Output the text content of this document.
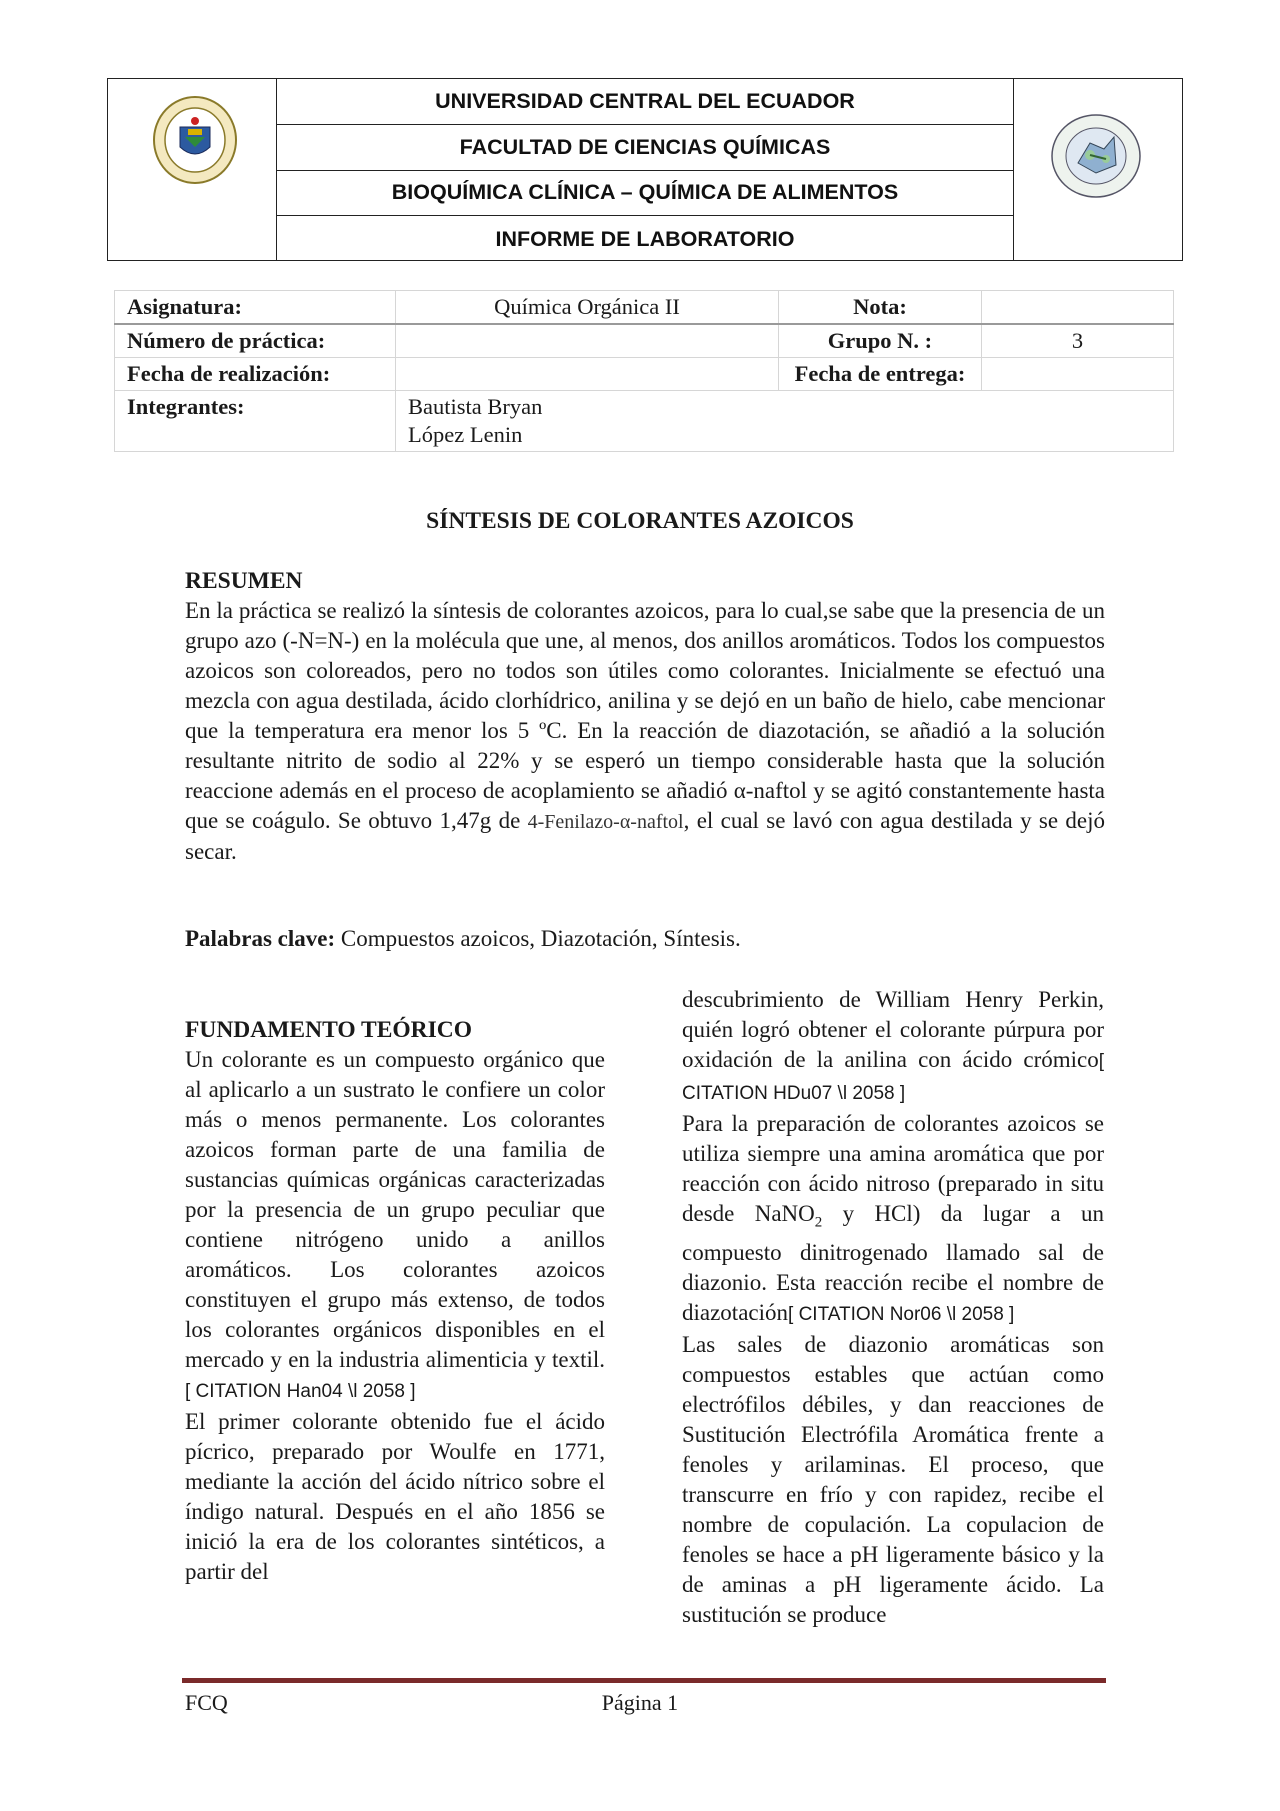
UNIVERSIDAD CENTRAL DEL ECUADOR
FACULTAD DE CIENCIAS QUÍMICAS
BIOQUÍMICA CLÍNICA – QUÍMICA DE ALIMENTOS
INFORME DE LABORATORIO
Asignatura:	Química Orgánica II	Nota:	
Número de práctica:		Grupo N. :	3
Fecha de realización:		Fecha de entrega:	
Integrantes:	Bautista Bryan
López Lenin		
SÍNTESIS DE COLORANTES AZOICOS
RESUMEN

En la práctica se realizó la síntesis de colorantes azoicos, para lo cual,se sabe que la presencia de un grupo azo (-N=N-) en la molécula que une, al menos, dos anillos aromáticos. Todos los compuestos azoicos son coloreados, pero no todos son útiles como colorantes. Inicialmente se efectuó una mezcla con agua destilada, ácido clorhídrico, anilina y se dejó en un baño de hielo, cabe mencionar que la temperatura era menor los 5 ºC. En la reacción de diazotación, se añadió a la solución resultante nitrito de sodio al 22% y se esperó un tiempo considerable hasta que la solución reaccione además en el proceso de acoplamiento se añadió α-naftol y se agitó constantemente hasta que se coágulo. Se obtuvo 1,47g de 4-Fenilazo-α-naftol, el cual se lavó con agua destilada y se dejó secar.

Palabras clave: Compuestos azoicos, Diazotación, Síntesis.
FUNDAMENTO TEÓRICO

Un colorante es un compuesto orgánico que al aplicarlo a un sustrato le confiere un color más o menos permanente. Los colorantes azoicos forman parte de una familia de sustancias químicas orgánicas caracterizadas por la presencia de un grupo peculiar que contiene nitrógeno unido a anillos aromáticos. Los colorantes azoicos constituyen el grupo más extenso, de todos los colorantes orgánicos disponibles en el mercado y en la industria alimenticia y textil.[ CITATION Han04 \l 2058 ]

El primer colorante obtenido fue el ácido pícrico, preparado por Woulfe en 1771, mediante la acción del ácido nítrico sobre el índigo natural. Después en el año 1856 se inició la era de los colorantes sintéticos, a partir del

descubrimiento de William Henry Perkin, quién logró obtener el colorante púrpura por oxidación de la anilina con ácido crómico[ CITATION HDu07 \l 2058 ]

Para la preparación de colorantes azoicos se utiliza siempre una amina aromática que por reacción con ácido nitroso (preparado in situ desde NaNO$_2$ y HCl) da lugar a un compuesto dinitrogenado llamado sal de diazonio. Esta reacción recibe el nombre de diazotación[ CITATION Nor06 \l 2058 ]

Las sales de diazonio aromáticas son compuestos estables que actúan como electrófilos débiles, y dan reacciones de Sustitución Electrófila Aromática frente a fenoles y arilaminas. El proceso, que transcurre en frío y con rapidez, recibe el nombre de copulación. La copulacion de fenoles se hace a pH ligeramente básico y la de aminas a pH ligeramente ácido. La sustitución se produce

FCQ	Página 1
